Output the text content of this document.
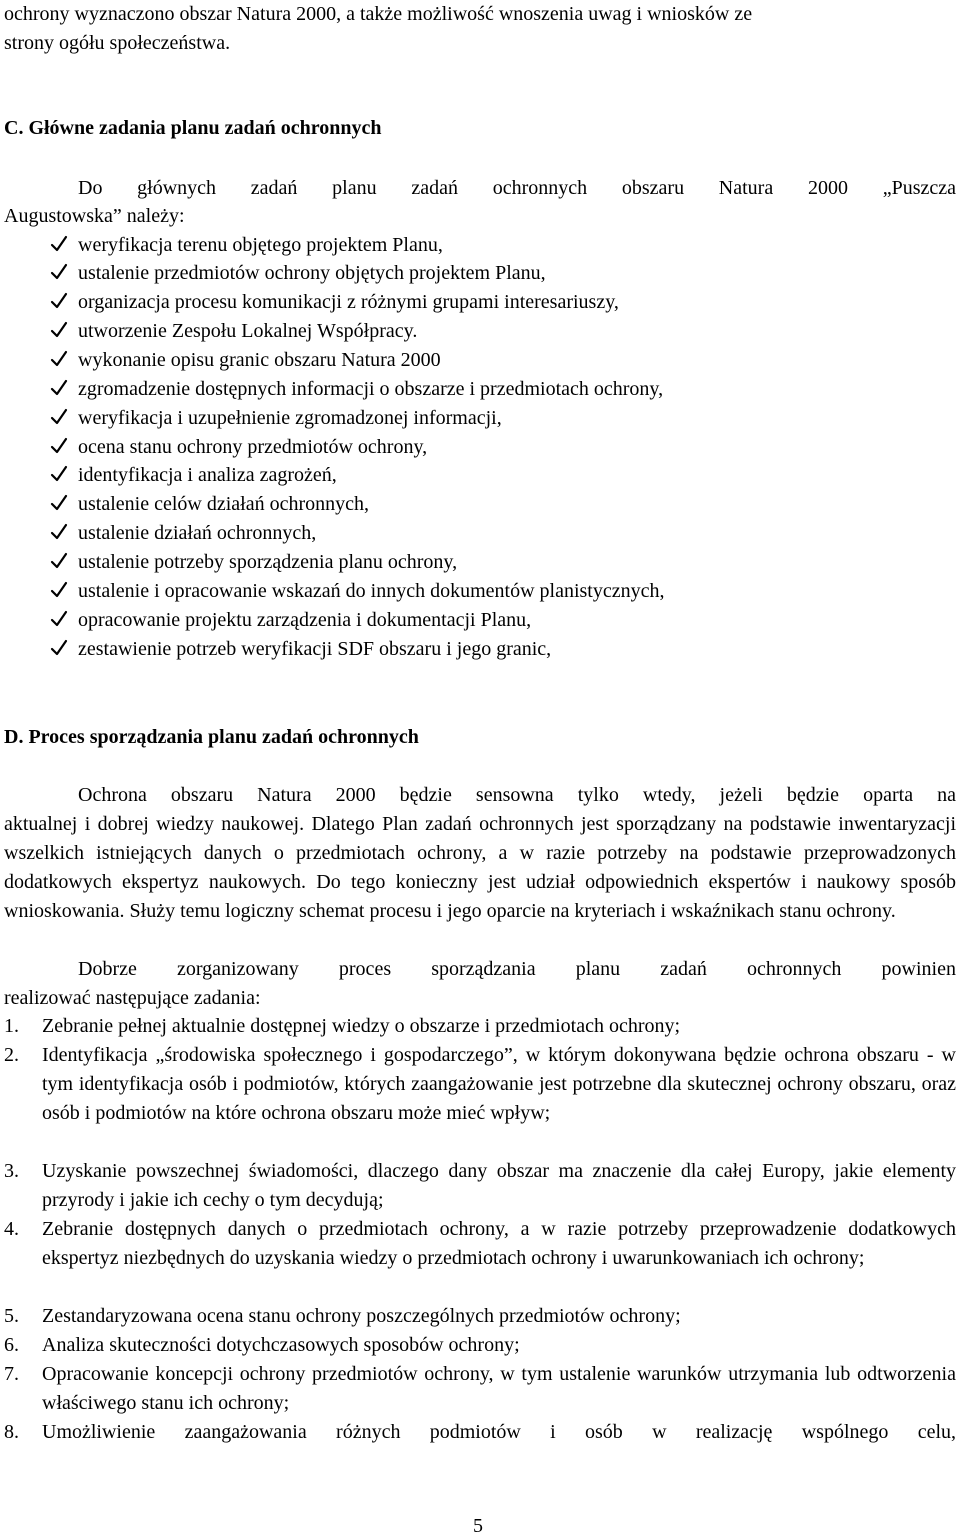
ochrony wyznaczono obszar Natura 2000, a także możliwość wnoszenia uwag i wniosków ze
strony ogółu społeczeństwa.
C. Główne zadania planu zadań ochronnych
Do głównych zadań planu zadań ochronnych obszaru Natura 2000 „Puszcza
Augustowska” należy:
weryfikacja terenu objętego projektem Planu,
ustalenie przedmiotów ochrony objętych projektem Planu,
organizacja procesu komunikacji z różnymi grupami interesariuszy,
utworzenie Zespołu Lokalnej Współpracy.
wykonanie opisu granic obszaru Natura 2000
zgromadzenie dostępnych informacji o obszarze i przedmiotach ochrony,
weryfikacja i uzupełnienie zgromadzonej informacji,
ocena stanu ochrony przedmiotów ochrony,
identyfikacja i analiza zagrożeń,
ustalenie celów działań ochronnych,
ustalenie działań ochronnych,
ustalenie potrzeby sporządzenia planu ochrony,
ustalenie i opracowanie wskazań do innych dokumentów planistycznych,
opracowanie projektu zarządzenia i dokumentacji Planu,
zestawienie potrzeb weryfikacji SDF obszaru i jego granic,
D. Proces sporządzania planu zadań ochronnych
Ochrona obszaru Natura 2000 będzie sensowna tylko wtedy, jeżeli będzie oparta na
aktualnej i dobrej wiedzy naukowej. Dlatego Plan zadań ochronnych jest sporządzany na podstawie inwentaryzacji wszelkich istniejących danych o przedmiotach ochrony, a w razie potrzeby na podstawie przeprowadzonych dodatkowych ekspertyz naukowych. Do tego konieczny jest udział odpowiednich ekspertów i naukowy sposób wnioskowania. Służy temu logiczny schemat procesu i jego oparcie na kryteriach i wskaźnikach stanu ochrony.
Dobrze zorganizowany proces sporządzania planu zadań ochronnych powinien
realizować następujące zadania:
1.	Zebranie pełnej aktualnie dostępnej wiedzy o obszarze i przedmiotach ochrony;
2.	Identyfikacja „środowiska społecznego i gospodarczego”, w którym dokonywana będzie ochrona obszaru - w tym identyfikacja osób i podmiotów, których zaangażowanie jest potrzebne dla skutecznej ochrony obszaru, oraz osób i podmiotów na które ochrona obszaru może mieć wpływ;
3.	Uzyskanie powszechnej świadomości, dlaczego dany obszar ma znaczenie dla całej Europy, jakie elementy przyrody i jakie ich cechy o tym decydują;
4.	Zebranie dostępnych danych o przedmiotach ochrony, a w razie potrzeby przeprowadzenie dodatkowych ekspertyz niezbędnych do uzyskania wiedzy o przedmiotach ochrony i uwarunkowaniach ich ochrony;
5.	Zestandaryzowana ocena stanu ochrony poszczególnych przedmiotów ochrony;
6.	Analiza skuteczności dotychczasowych sposobów ochrony;
7.	Opracowanie koncepcji ochrony przedmiotów ochrony, w tym ustalenie warunków utrzymania lub odtworzenia właściwego stanu ich ochrony;
8.	Umożliwienie zaangażowania różnych podmiotów i osób w realizację wspólnego celu,
5
